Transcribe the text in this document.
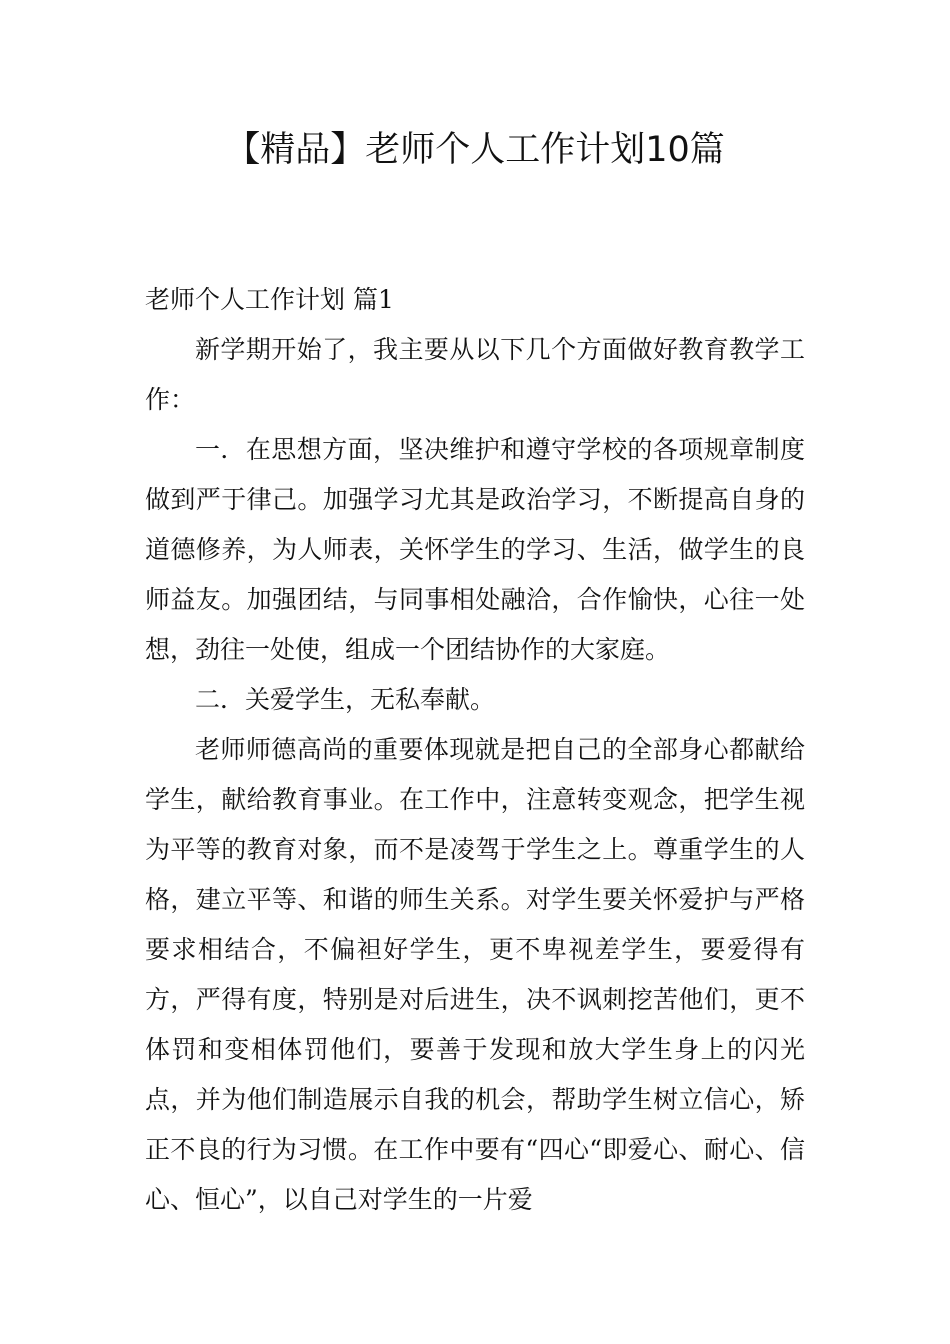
【精品】老师个人工作计划10篇

老师个人工作计划 篇1

新学期开始了，我主要从以下几个方面做好教育教学工作：

一．在思想方面，坚决维护和遵守学校的各项规章制度做到严于律己。加强学习尤其是政治学习，不断提高自身的道德修养，为人师表，关怀学生的学习、生活，做学生的良师益友。加强团结，与同事相处融洽，合作愉快，心往一处想，劲往一处使，组成一个团结协作的大家庭。

二．关爱学生，无私奉献。

老师师德高尚的重要体现就是把自己的全部身心都献给学生，献给教育事业。在工作中，注意转变观念，把学生视为平等的教育对象，而不是凌驾于学生之上。尊重学生的人格，建立平等、和谐的师生关系。对学生要关怀爱护与严格要求相结合，不偏袒好学生，更不卑视差学生，要爱得有方，严得有度，特别是对后进生，决不讽刺挖苦他们，更不体罚和变相体罚他们，要善于发现和放大学生身上的闪光点，并为他们制造展示自我的机会，帮助学生树立信心，矫正不良的行为习惯。在工作中要有“四心“即爱心、耐心、信心、恒心”，以自己对学生的一片爱
